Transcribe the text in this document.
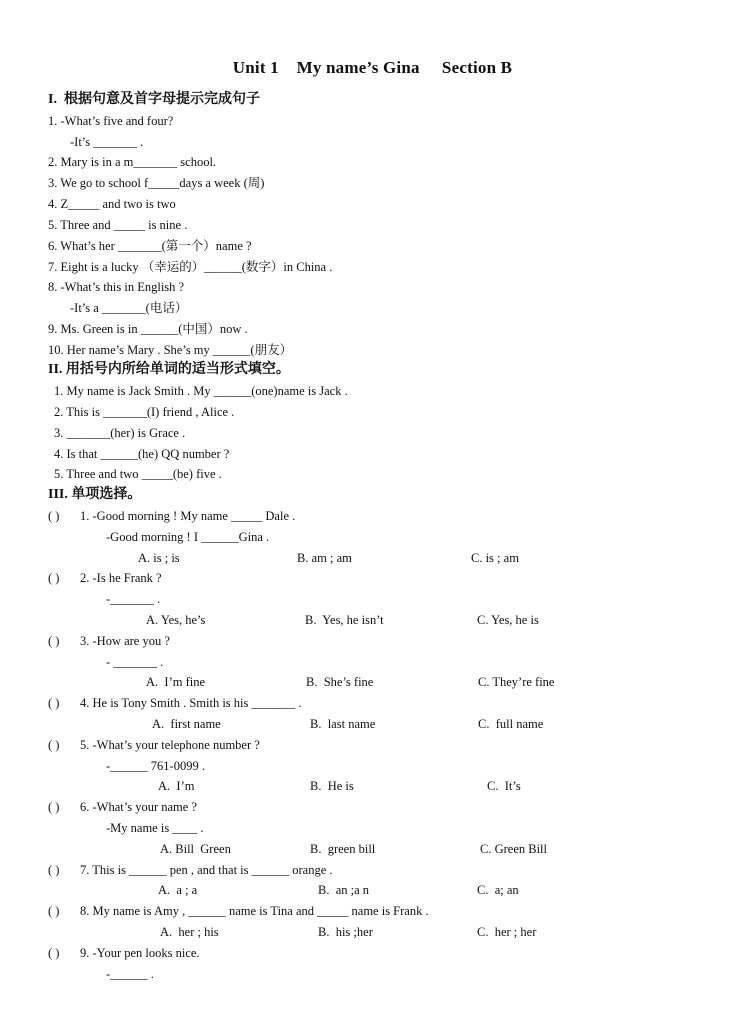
Unit 1    My name’s Gina     Section B
I.  根据句意及首字母提示完成句子
1. -What’s five and four?
-It’s _______ .
2. Mary is in a m_______ school.
3. We go to school f_____days a week (周)
4. Z_____ and two is two
5. Three and _____ is nine .
6. What’s her _______(第一个）name ?
7. Eight is a lucky （幸运的）______(数字）in China .
8. -What’s this in English ?
-It’s a _______(电话）
9. Ms. Green is in ______(中国）now .
10. Her name’s Mary . She’s my ______(朋友）
II. 用括号内所给单词的适当形式填空。
1. My name is Jack Smith . My ______(one)name is Jack .
2. This is _______(I) friend , Alice .
3. _______(her) is Grace .
4. Is that ______(he) QQ number ?
5. Three and two _____(be) five .
III. 单项选择。
( ) 1. -Good morning ! My name _____ Dale .
-Good morning ! I ______Gina .
A. is ; is	B. am ; am	C. is ; am
( ) 2. -Is he Frank ?
-_______ .
A. Yes, he’s	B.  Yes, he isn’t	C. Yes, he is
( ) 3. -How are you ?
- _______ .
A.  I’m fine	B.  She’s fine	C. They’re fine
( ) 4. He is Tony Smith . Smith is his _______ .
A.  first name	B.  last name	C.  full name
( ) 5. -What’s your telephone number ?
-______ 761-0099 .
A.  I’m	B.  He is	C.  It’s
( ) 6. -What’s your name ?
-My name is ____ .
A. Bill  Green	B.  green bill	C. Green Bill
( ) 7. This is ______ pen , and that is ______ orange .
A.  a ; a	B.  an ;a n	C.  a; an
( ) 8. My name is Amy , ______ name is Tina and _____ name is Frank .
A.  her ; his	B.  his ;her	C.  her ; her
( ) 9. -Your pen looks nice.
-______ .
